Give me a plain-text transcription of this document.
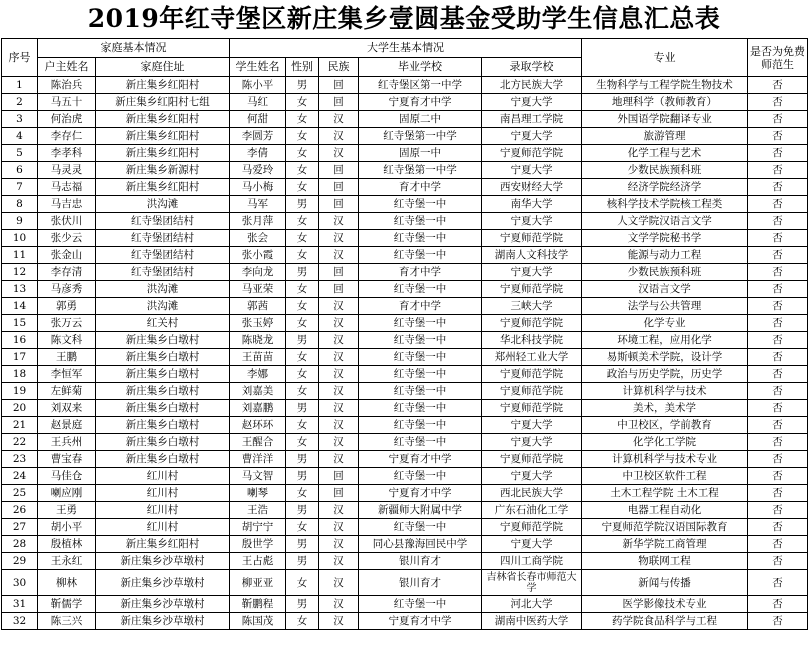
2019年红寺堡区新庄集乡壹圆基金受助学生信息汇总表
序号	家庭基本情况		大学生基本情况					专业	是否为免费师范生
	户主姓名	家庭住址	学生姓名	性别	民族	毕业学校	录取学校		
1	陈治兵	新庄集乡红阳村	陈小平	男	回	红寺堡区第一中学	北方民族大学	生物科学与工程学院生物技术	否
2	马五十	新庄集乡红阳村七组	马红	女	回	宁夏育才中学	宁夏大学	地理科学（教师教育）	否
3	何治虎	新庄集乡红阳村	何甜	女	汉	固原二中	南昌理工学院	外国语学院翻译专业	否
4	李存仁	新庄集乡红阳村	李圆芳	女	汉	红寺堡第一中学	宁夏大学	旅游管理	否
5	李孝科	新庄集乡红阳村	李倩	女	汉	固原一中	宁夏师范学院	化学工程与艺术	否
6	马灵灵	新庄集乡新源村	马爱玲	女	回	红寺堡第一中学	宁夏大学	少数民族预科班	否
7	马志福	新庄集乡红阳村	马小梅	女	回	育才中学	西安财经大学	经济学院经济学	否
8	马吉忠	洪沟滩	马军	男	回	红寺堡一中	南华大学	核科学技术学院核工程类	否
9	张伏川	红寺堡团结村	张月萍	女	汉	红寺堡一中	宁夏大学	人文学院汉语言文学	否
10	张少云	红寺堡团结村	张会	女	汉	红寺堡一中	宁夏师范学院	文学学院秘书学	否
11	张金山	红寺堡团结村	张小霞	女	汉	红寺堡一中	湖南人文科技学	能源与动力工程	否
12	李存清	红寺堡团结村	李向龙	男	回	育才中学	宁夏大学	少数民族预科班	否
13	马彦秀	洪沟滩	马亚荣	女	回	红寺堡一中	宁夏师范学院	汉语言文学	否
14	郭勇	洪沟滩	郭茜	女	汉	育才中学	三峡大学	法学与公共管理	否
15	张万云	红关村	张玉婷	女	汉	红寺堡一中	宁夏师范学院	化学专业	否
16	陈文科	新庄集乡白墩村	陈晓龙	男	汉	红寺堡一中	华北科技学院	环境工程，应用化学	否
17	王鹏	新庄集乡白墩村	王苗苗	女	汉	红寺堡一中	郑州轻工业大学	易斯顿美术学院，设计学	否
18	李恒军	新庄集乡白墩村	李娜	女	汉	红寺堡一中	宁夏师范学院	政治与历史学院，历史学	否
19	左鲜菊	新庄集乡白墩村	刘嘉美	女	汉	红寺堡一中	宁夏师范学院	计算机科学与技术	否
20	刘双来	新庄集乡白墩村	刘嘉鹏	男	汉	红寺堡一中	宁夏师范学院	美术，美术学	否
21	赵景庭	新庄集乡白墩村	赵环环	女	汉	红寺堡一中	宁夏大学	中卫校区，学前教育	否
22	王兵州	新庄集乡白墩村	王醒合	女	汉	红寺堡一中	宁夏大学	化学化工学院	否
23	曹宝春	新庄集乡白墩村	曹洋洋	男	汉	宁夏育才中学	宁夏师范学院	计算机科学与技术专业	否
24	马佳仓	红川村	马文智	男	回	红寺堡一中	宁夏大学	中卫校区软件工程	否
25	喇应刚	红川村	喇琴	女	回	宁夏育才中学	西北民族大学	土木工程学院 土木工程	否
26	王勇	红川村	王浩	男	汉	新疆师大附属中学	广东石油化工学	电器工程自动化	否
27	胡小平	红川村	胡宁宁	女	汉	红寺堡一中	宁夏师范学院	宁夏师范学院汉语国际教育	否
28	殷植林	新庄集乡红阳村	殷世学	男	汉	同心县豫海回民中学	宁夏大学	新华学院工商管理	否
29	王永红	新庄集乡沙草墩村	王占彪	男	汉	银川育才	四川工商学院	物联网工程	否
30	柳林	新庄集乡沙草墩村	柳亚亚	女	汉	银川育才	吉林省长春市师范大学	新闻与传播	否
31	靳儒学	新庄集乡沙草墩村	靳鹏程	男	汉	红寺堡一中	河北大学	医学影像技术专业	否
32	陈三兴	新庄集乡沙草墩村	陈国茂	女	汉	宁夏育才中学	湖南中医药大学	药学院食品科学与工程	否
